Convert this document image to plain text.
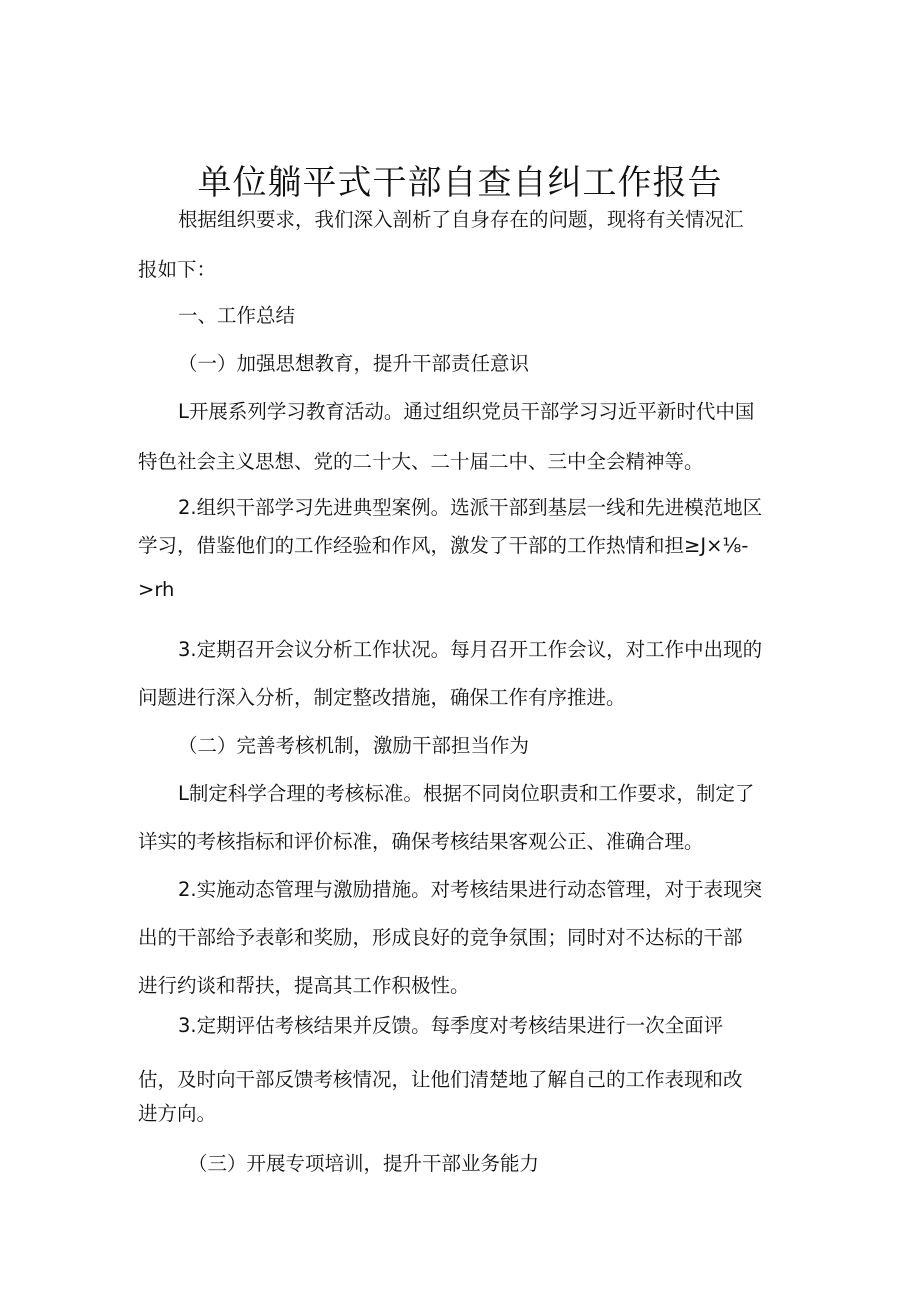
单位躺平式干部自查自纠工作报告
根据组织要求，我们深入剖析了自身存在的问题，现将有关情况汇
报如下：
一、工作总结
（一）加强思想教育，提升干部责任意识
L开展系列学习教育活动。通过组织党员干部学习习近平新时代中国
特色社会主义思想、党的二十大、二十届二中、三中全会精神等。
2.组织干部学习先进典型案例。选派干部到基层一线和先进模范地区
学习，借鉴他们的工作经验和作风，激发了干部的工作热情和担≥J×⅛-
>rh
3.定期召开会议分析工作状况。每月召开工作会议，对工作中出现的
问题进行深入分析，制定整改措施，确保工作有序推进。
（二）完善考核机制，激励干部担当作为
L制定科学合理的考核标准。根据不同岗位职责和工作要求，制定了
详实的考核指标和评价标准，确保考核结果客观公正、准确合理。
2.实施动态管理与激励措施。对考核结果进行动态管理，对于表现突
出的干部给予表彰和奖励，形成良好的竞争氛围；同时对不达标的干部
进行约谈和帮扶，提高其工作积极性。
3.定期评估考核结果并反馈。每季度对考核结果进行一次全面评
估，及时向干部反馈考核情况，让他们清楚地了解自己的工作表现和改
进方向。
（三）开展专项培训，提升干部业务能力
